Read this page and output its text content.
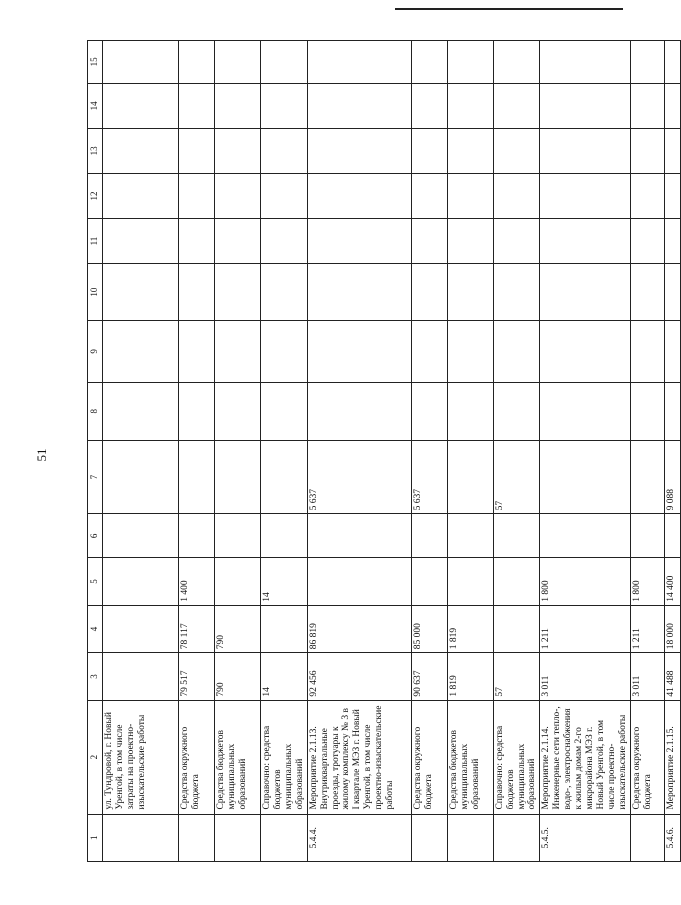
51
1	2	3	4	5	6	7	8	9	10	11	12	13	14	15
	ул. Тундровой, г. Новый Уренгой, в том числе затраты на проектно-изыскательские работы													
	Средства окружного бюджета	79 517	78 117	1 400										
	Средства бюджетов муниципальных образований	790	790											
	Справочно: средства бюджетов муниципальных образований	14		14										
5.4.4.	Мероприятие 2.1.13. Внутриквартальные проезды, тротуары к жилому комплексу № 3 в I квартале МЭЗ г. Новый Уренгой, в том числе проектно-изыскательские работы	92 456	86 819			5 637								
	Средства окружного бюджета	90 637	85 000			5 637								
	Средства бюджетов муниципальных образований	1 819	1 819											
	Справочно: средства бюджетов муниципальных образований	57				57								
5.4.5.	Мероприятие 2.1.14. Инженерные сети тепло-, водо-, электроснабжения к жилым домам 2-го микрорайона МЭЗ г. Новый Уренгой, в том числе проектно-изыскательские работы	3 011	1 211	1 800										
	Средства окружного бюджета	3 011	1 211	1 800										
5.4.6.	Мероприятие 2.1.15.	41 488	18 000	14 400		9 088								
